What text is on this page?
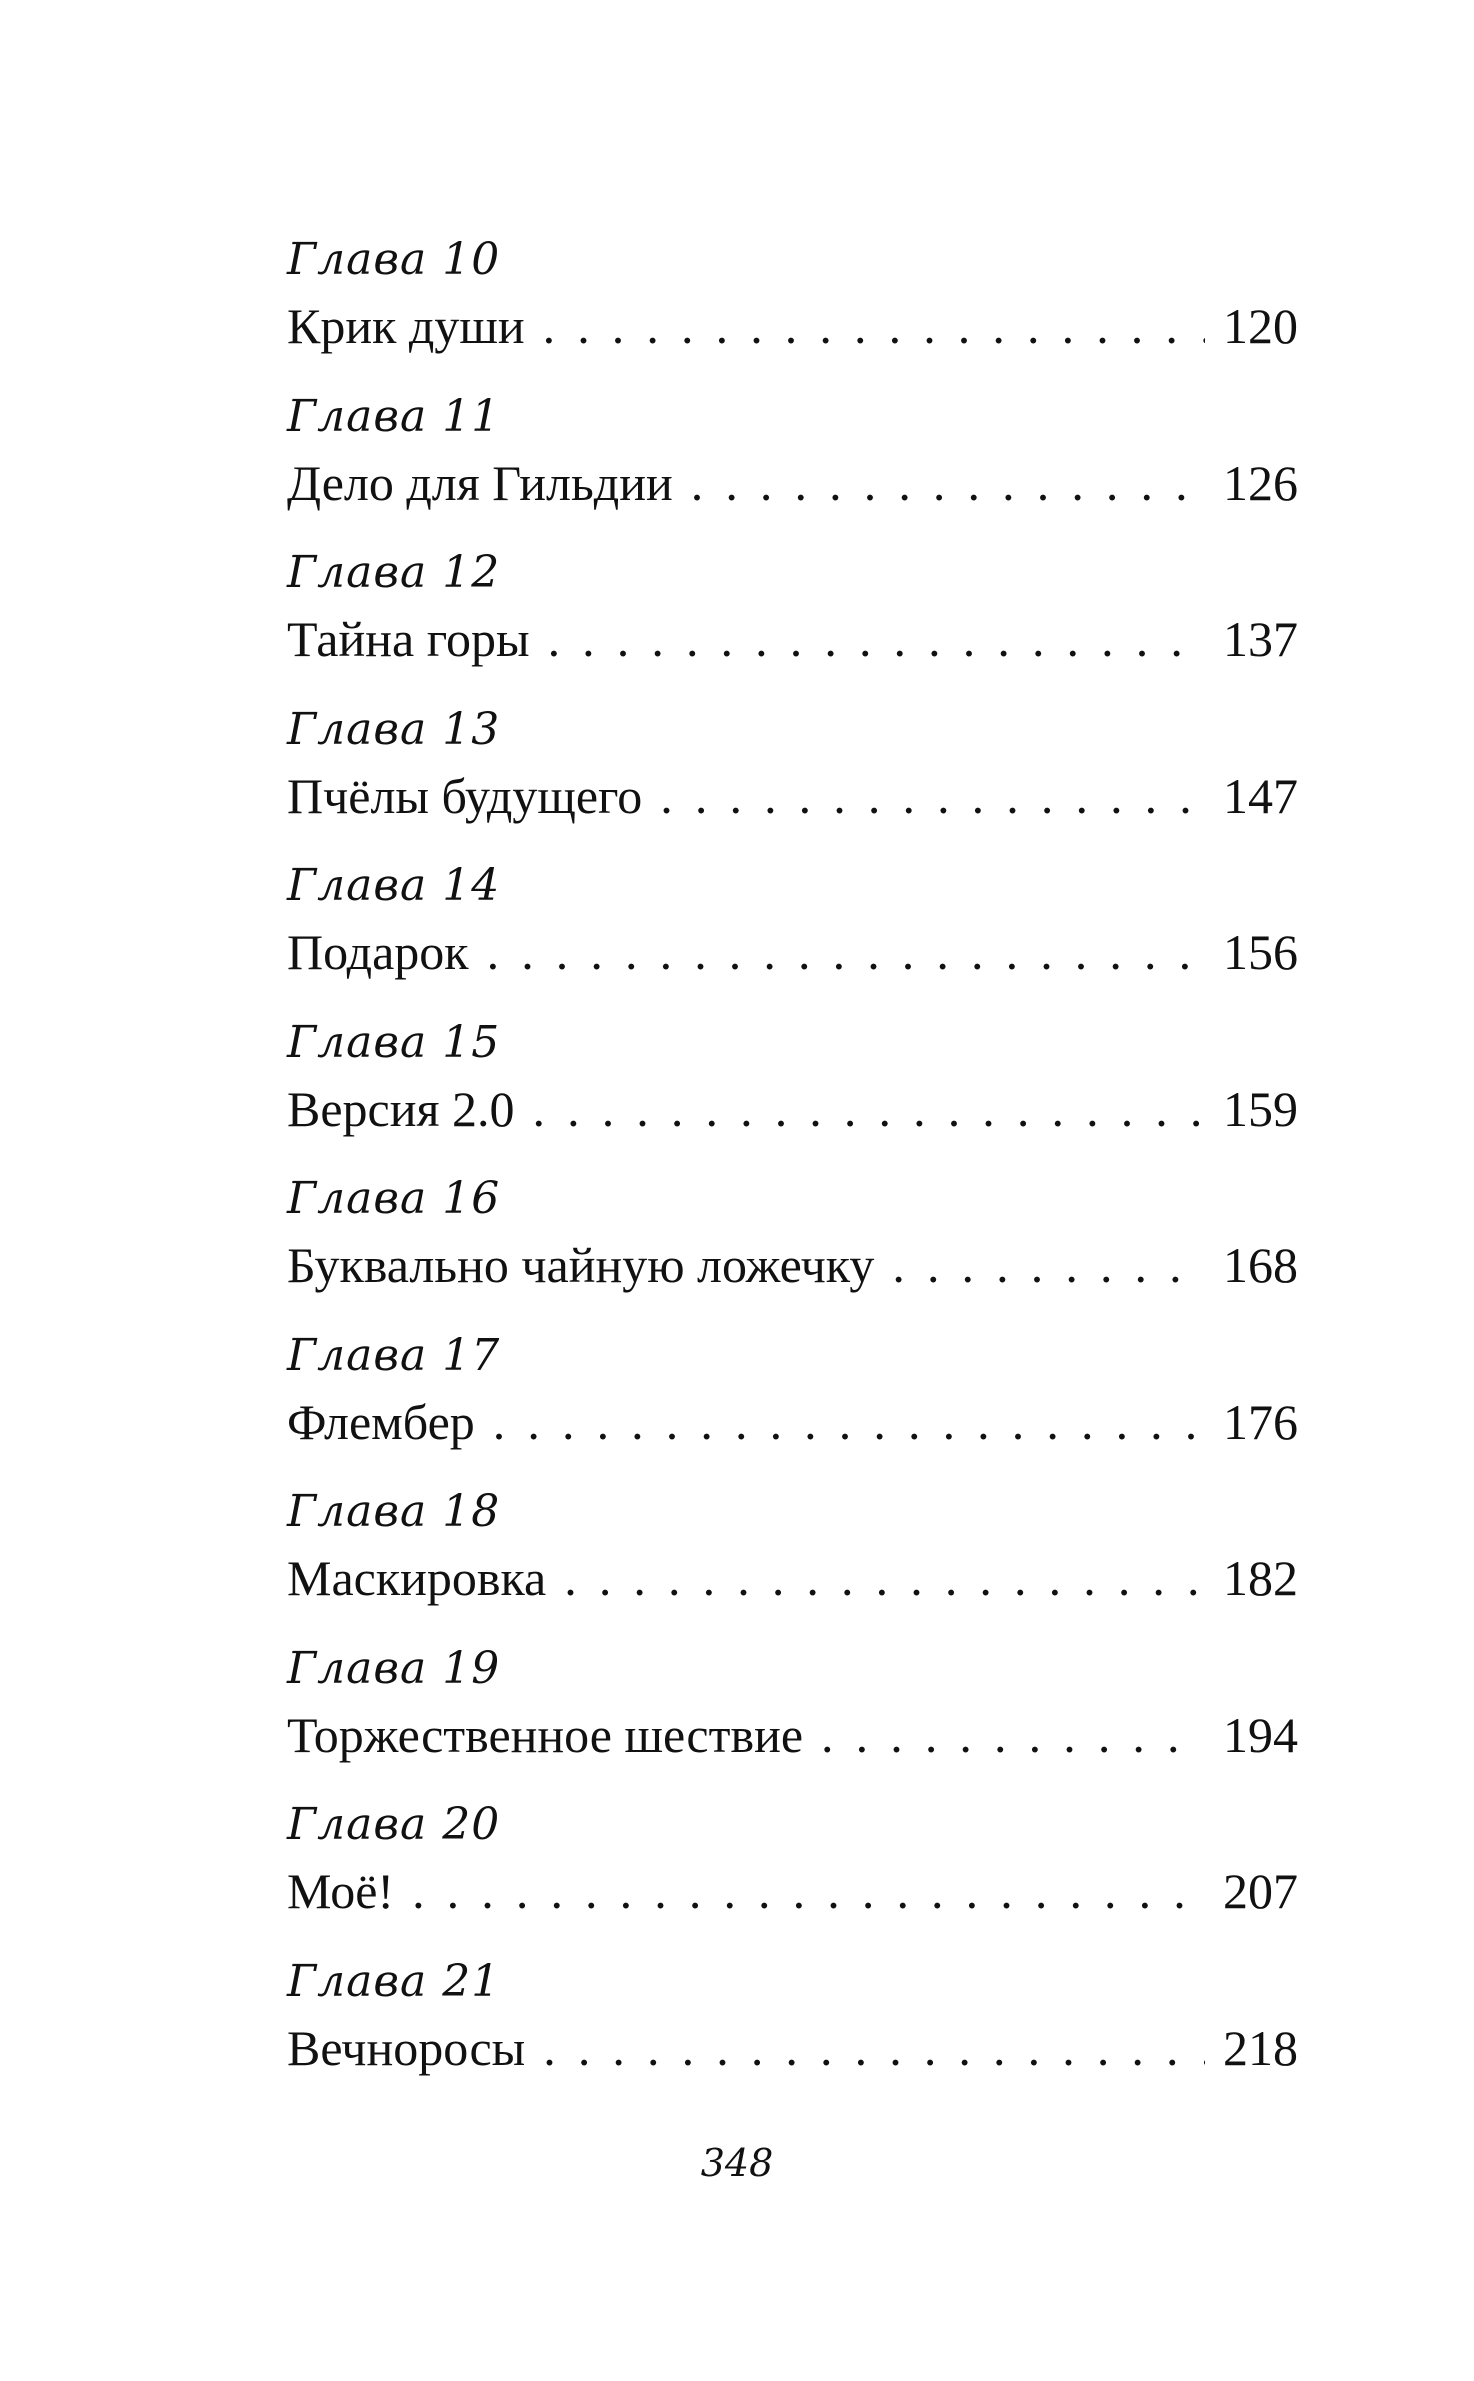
Глава 10
Крик души . . .	120
Глава 11
Дело для Гильдии . . .	126
Глава 12
Тайна горы . . .	137
Глава 13
Пчёлы будущего . . .	147
Глава 14
Подарок . . .	156
Глава 15
Версия 2.0 . . .	159
Глава 16
Буквально чайную ложечку . . .	168
Глава 17
Флембер . . .	176
Глава 18
Маскировка . . .	182
Глава 19
Торжественное шествие . . .	194
Глава 20
Моё! . . .	207
Глава 21
Вечноросы . . .	218
348
